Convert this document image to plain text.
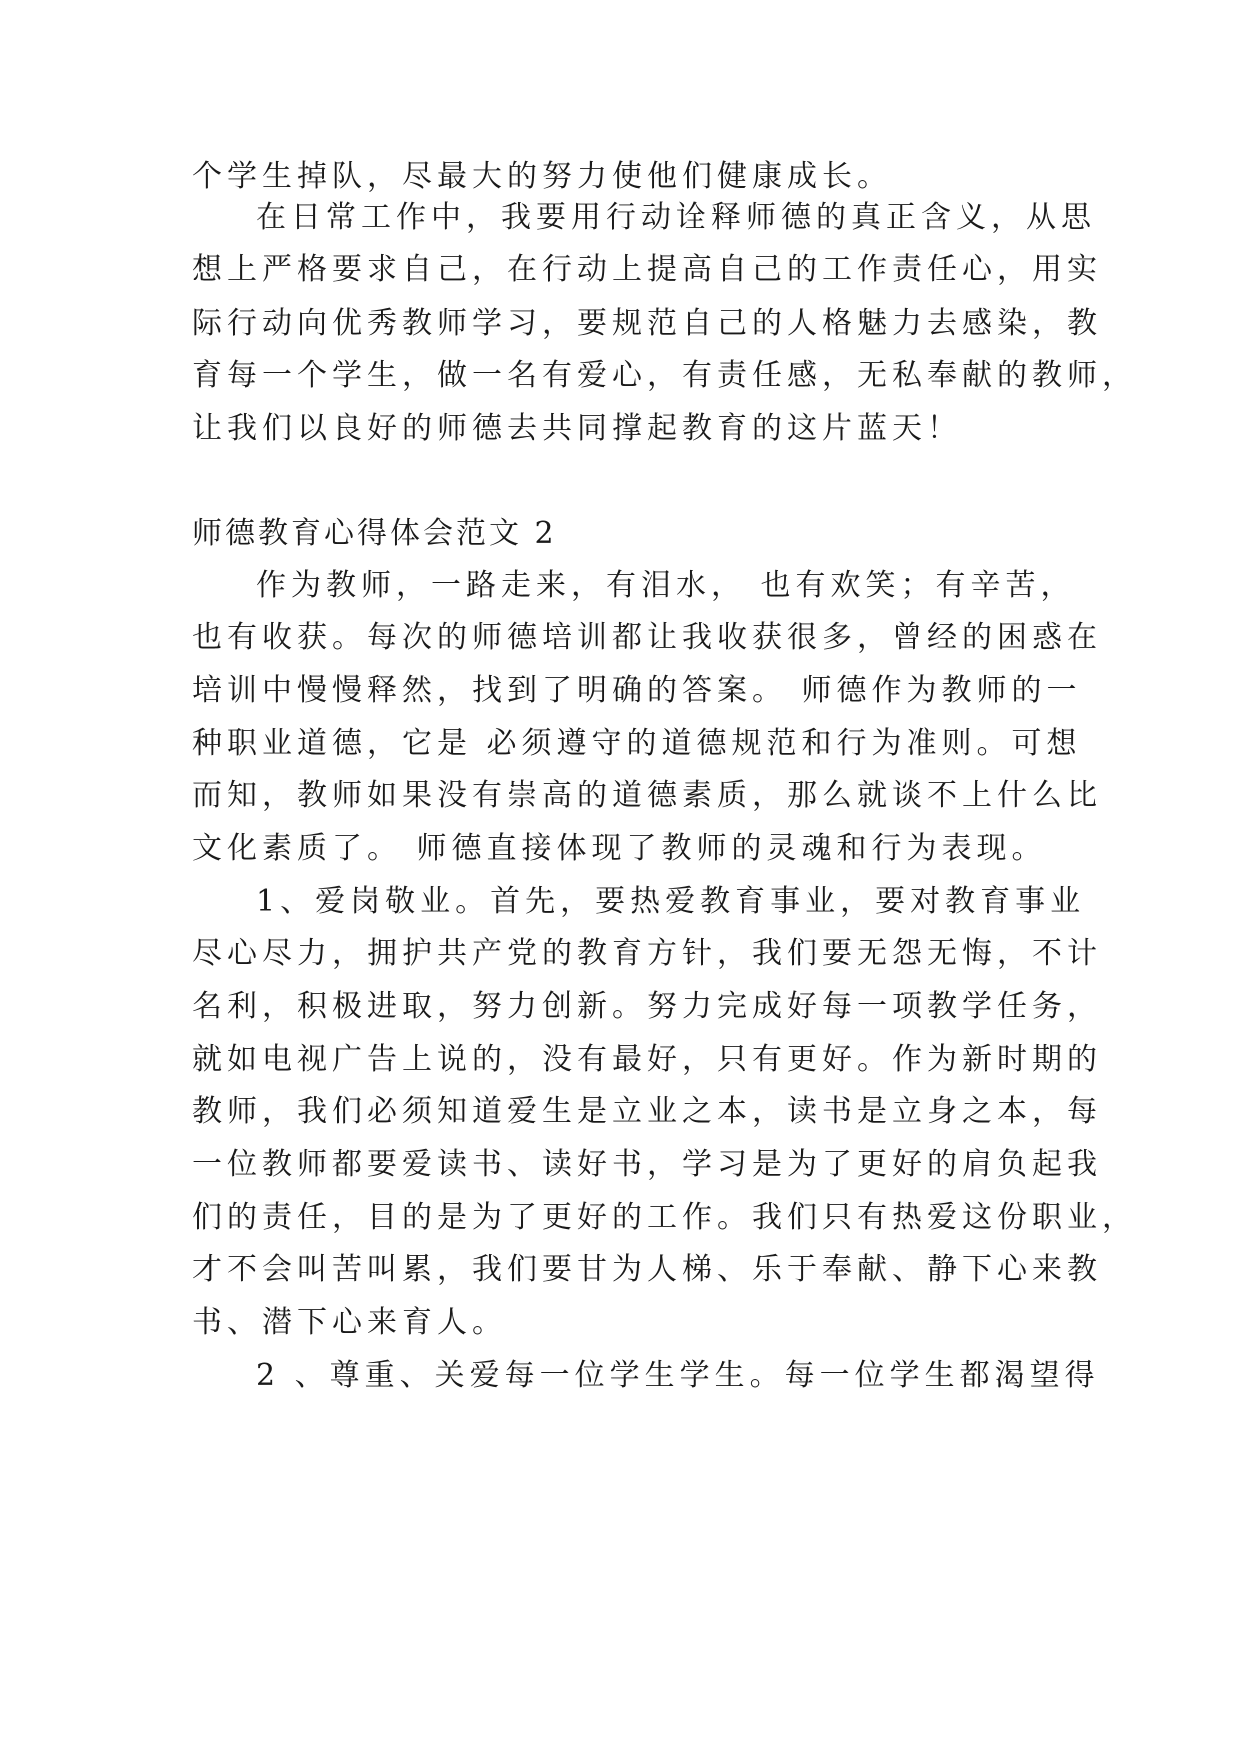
个学生掉队，尽最大的努力使他们健康成长。
在日常工作中，我要用行动诠释师德的真正含义，从思
想上严格要求自己，在行动上提高自己的工作责任心，用实
际行动向优秀教师学习，要规范自己的人格魅力去感染，教
育每一个学生，做一名有爱心，有责任感，无私奉献的教师，
让我们以良好的师德去共同撑起教育的这片蓝天！
师德教育心得体会范文 2
作为教师，一路走来，有泪水， 也有欢笑；有辛苦，
也有收获。每次的师德培训都让我收获很多，曾经的困惑在
培训中慢慢释然，找到了明确的答案。 师德作为教师的一
种职业道德，它是 必须遵守的道德规范和行为准则。可想
而知，教师如果没有崇高的道德素质，那么就谈不上什么比
文化素质了。 师德直接体现了教师的灵魂和行为表现。
1、爱岗敬业。首先，要热爱教育事业，要对教育事业
尽心尽力，拥护共产党的教育方针，我们要无怨无悔，不计
名利，积极进取，努力创新。努力完成好每一项教学任务，
就如电视广告上说的，没有最好，只有更好。作为新时期的
教师，我们必须知道爱生是立业之本，读书是立身之本，每
一位教师都要爱读书、读好书，学习是为了更好的肩负起我
们的责任，目的是为了更好的工作。我们只有热爱这份职业，
才不会叫苦叫累，我们要甘为人梯、乐于奉献、静下心来教
书、潜下心来育人。
2 、尊重、关爱每一位学生学生。每一位学生都渴望得
